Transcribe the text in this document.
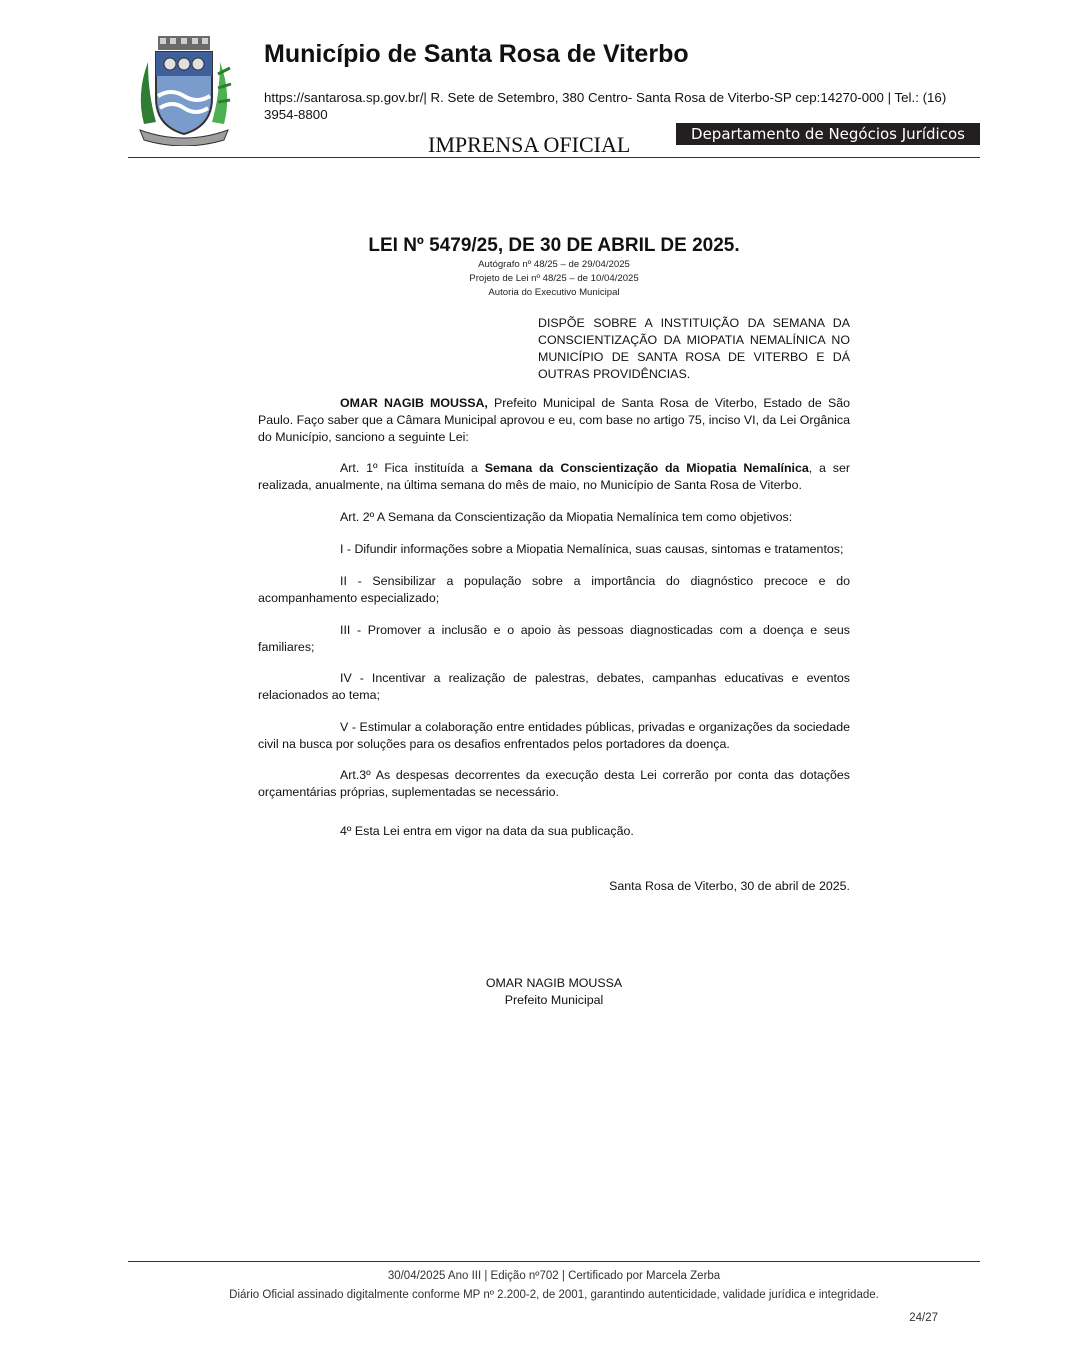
Município de Santa Rosa de Viterbo
https://santarosa.sp.gov.br/| R. Sete de Setembro, 380 Centro- Santa Rosa de Viterbo-SP cep:14270-000 | Tel.: (16) 3954-8800
Departamento de Negócios Jurídicos
IMPRENSA OFICIAL
LEI Nº 5479/25, DE 30 DE ABRIL DE 2025.
Autógrafo nº 48/25 – de 29/04/2025
Projeto de Lei nº 48/25 – de 10/04/2025
Autoria do Executivo Municipal
DISPÕE SOBRE A INSTITUIÇÃO DA SEMANA DA CONSCIENTIZAÇÃO DA MIOPATIA NEMALÍNICA NO MUNICÍPIO DE SANTA ROSA DE VITERBO E DÁ OUTRAS PROVIDÊNCIAS.
OMAR NAGIB MOUSSA, Prefeito Municipal de Santa Rosa de Viterbo, Estado de São Paulo. Faço saber que a Câmara Municipal aprovou e eu, com base no artigo 75, inciso VI, da Lei Orgânica do Município, sanciono a seguinte Lei:
Art. 1º Fica instituída a Semana da Conscientização da Miopatia Nemalínica, a ser realizada, anualmente, na última semana do mês de maio, no Município de Santa Rosa de Viterbo.
Art. 2º A Semana da Conscientização da Miopatia Nemalínica tem como objetivos:
I - Difundir informações sobre a Miopatia Nemalínica, suas causas, sintomas e tratamentos;
II - Sensibilizar a população sobre a importância do diagnóstico precoce e do acompanhamento especializado;
III - Promover a inclusão e o apoio às pessoas diagnosticadas com a doença e seus familiares;
IV - Incentivar a realização de palestras, debates, campanhas educativas e eventos relacionados ao tema;
V - Estimular a colaboração entre entidades públicas, privadas e organizações da sociedade civil na busca por soluções para os desafios enfrentados pelos portadores da doença.
Art.3º As despesas decorrentes da execução desta Lei correrão por conta das dotações orçamentárias próprias, suplementadas se necessário.
4º Esta Lei entra em vigor na data da sua publicação.
Santa Rosa de Viterbo, 30 de abril de 2025.
OMAR NAGIB MOUSSA
Prefeito Municipal
30/04/2025 Ano III | Edição nº702 | Certificado por Marcela Zerba
Diário Oficial assinado digitalmente conforme MP nº 2.200-2, de 2001, garantindo autenticidade, validade jurídica e integridade.
24/27
